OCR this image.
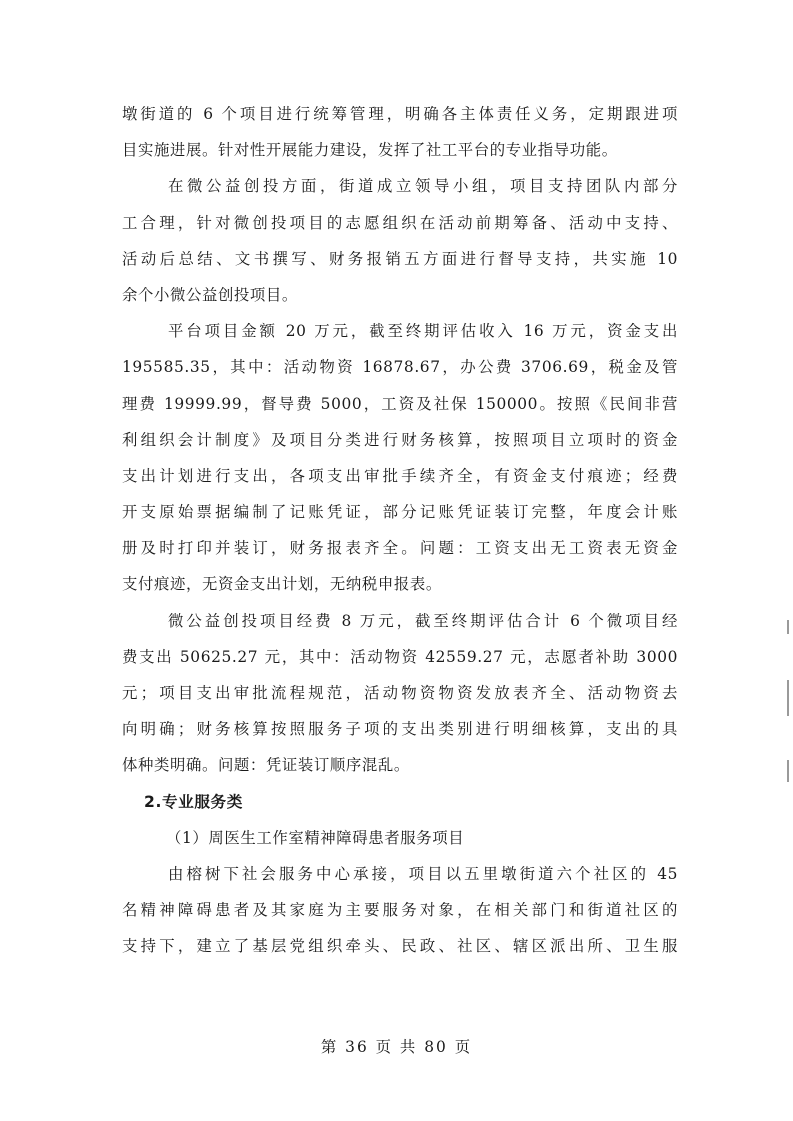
墩街道的 6 个项目进行统筹管理，明确各主体责任义务，定期跟进项
目实施进展。针对性开展能力建设，发挥了社工平台的专业指导功能。
在微公益创投方面，街道成立领导小组，项目支持团队内部分
工合理，针对微创投项目的志愿组织在活动前期筹备、活动中支持、
活动后总结、文书撰写、财务报销五方面进行督导支持，共实施 10
余个小微公益创投项目。
平台项目金额 20 万元，截至终期评估收入 16 万元，资金支出
195585.35，其中：活动物资 16878.67，办公费 3706.69，税金及管
理费 19999.99，督导费 5000，工资及社保 150000。按照《民间非营
利组织会计制度》及项目分类进行财务核算，按照项目立项时的资金
支出计划进行支出，各项支出审批手续齐全，有资金支付痕迹；经费
开支原始票据编制了记账凭证，部分记账凭证装订完整，年度会计账
册及时打印并装订，财务报表齐全。问题：工资支出无工资表无资金
支付痕迹，无资金支出计划，无纳税申报表。
微公益创投项目经费 8 万元，截至终期评估合计 6 个微项目经
费支出 50625.27 元，其中：活动物资 42559.27 元，志愿者补助 3000
元；项目支出审批流程规范，活动物资物资发放表齐全、活动物资去
向明确；财务核算按照服务子项的支出类别进行明细核算，支出的具
体种类明确。问题：凭证装订顺序混乱。
2.专业服务类
（1）周医生工作室精神障碍患者服务项目
由榕树下社会服务中心承接，项目以五里墩街道六个社区的 45
名精神障碍患者及其家庭为主要服务对象，在相关部门和街道社区的
支持下，建立了基层党组织牵头、民政、社区、辖区派出所、卫生服
第 36 页 共 80 页
